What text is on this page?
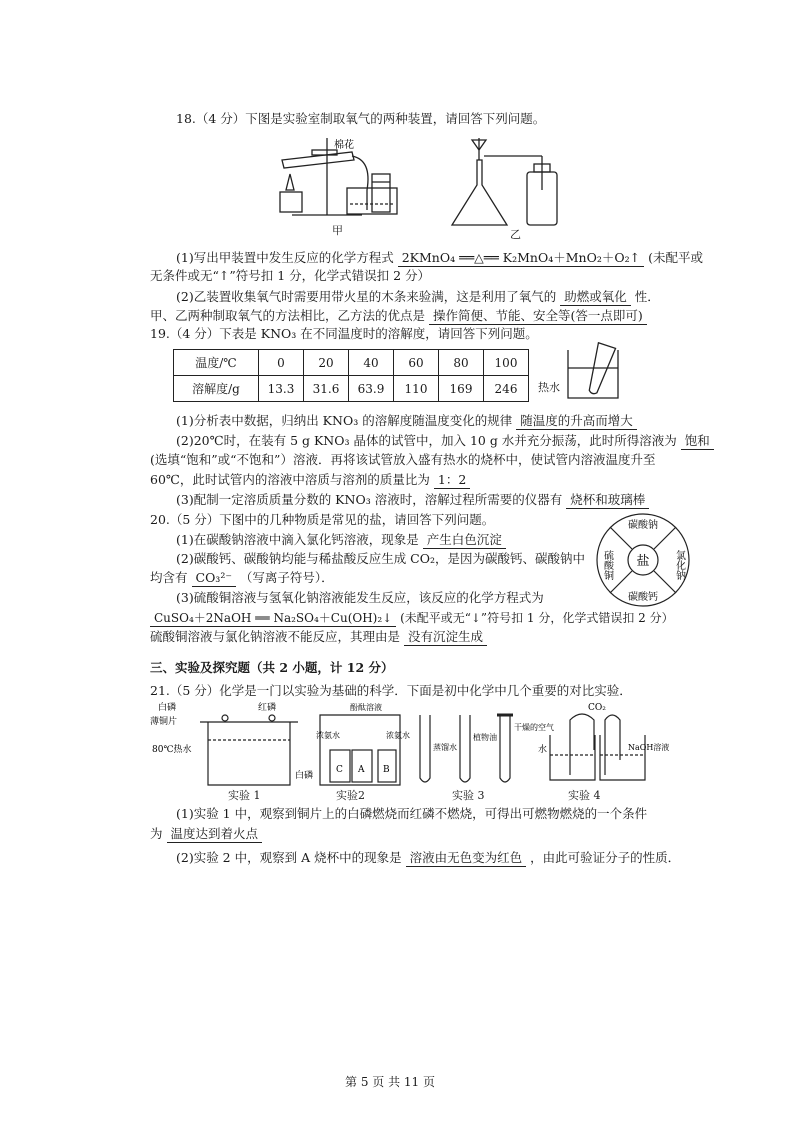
18.（4 分）下图是实验室制取氧气的两种装置，请回答下列问题。
棉花
甲	乙
(1)写出甲装置中发生反应的化学方程式 2KMnO₄ ══△══ K₂MnO₄＋MnO₂＋O₂↑ (未配平或
无条件或无“↑”符号扣 1 分，化学式错误扣 2 分）
(2)乙装置收集氧气时需要用带火星的木条来验满，这是利用了氧气的 助燃或氧化 性．
甲、乙两种制取氧气的方法相比，乙方法的优点是 操作简便、节能、安全等(答一点即可)
19.（4 分）下表是 KNO₃ 在不同温度时的溶解度，请回答下列问题。
温度/℃	0	20	40	60	80	100
溶解度/g	13.3	31.6	63.9	110	169	246 热水
(1)分析表中数据，归纳出 KNO₃ 的溶解度随温度变化的规律 随温度的升高而增大
(2)20℃时，在装有 5 g KNO₃ 晶体的试管中，加入 10 g 水并充分振荡，此时所得溶液为 饱和
(选填“饱和”或“不饱和”）溶液．再将该试管放入盛有热水的烧杯中，使试管内溶液温度升至
60℃，此时试管内的溶液中溶质与溶剂的质量比为 1：2
(3)配制一定溶质质量分数的 KNO₃ 溶液时，溶解过程所需要的仪器有 烧杯和玻璃棒
20.（5 分）下图中的几种物质是常见的盐，请回答下列问题。
盐
碳酸钠
碳酸钙
硫酸铜	氯化钠
(1)在碳酸钠溶液中滴入氯化钙溶液，现象是 产生白色沉淀
(2)碳酸钙、碳酸钠均能与稀盐酸反应生成 CO₂，是因为碳酸钙、碳酸钠中
均含有 CO₃²⁻ （写离子符号）．
(3)硫酸铜溶液与氢氧化钠溶液能发生反应，该反应的化学方程式为
CuSO₄＋2NaOH ══ Na₂SO₄＋Cu(OH)₂↓ (未配平或无“↓”符号扣 1 分，化学式错误扣 2 分）
硫酸铜溶液与氯化钠溶液不能反应，其理由是 没有沉淀生成
三、实验及探究题（共 2 小题，计 12 分）
21.（5 分）化学是一门以实验为基础的科学．下面是初中化学中几个重要的对比实验．
白磷	红磷
薄铜片
80℃热水
白磷
酚酞溶液
浓氨水	浓氨水
C A B
蒸馏水
植物油
干燥的空气
CO₂
水	NaOH溶液
实验 1	实验2	实验 3	实验 4
(1)实验 1 中，观察到铜片上的白磷燃烧而红磷不燃烧，可得出可燃物燃烧的一个条件
为 温度达到着火点
(2)实验 2 中，观察到 A 烧杯中的现象是 溶液由无色变为红色 ，由此可验证分子的性质．
第 5 页 共 11 页
